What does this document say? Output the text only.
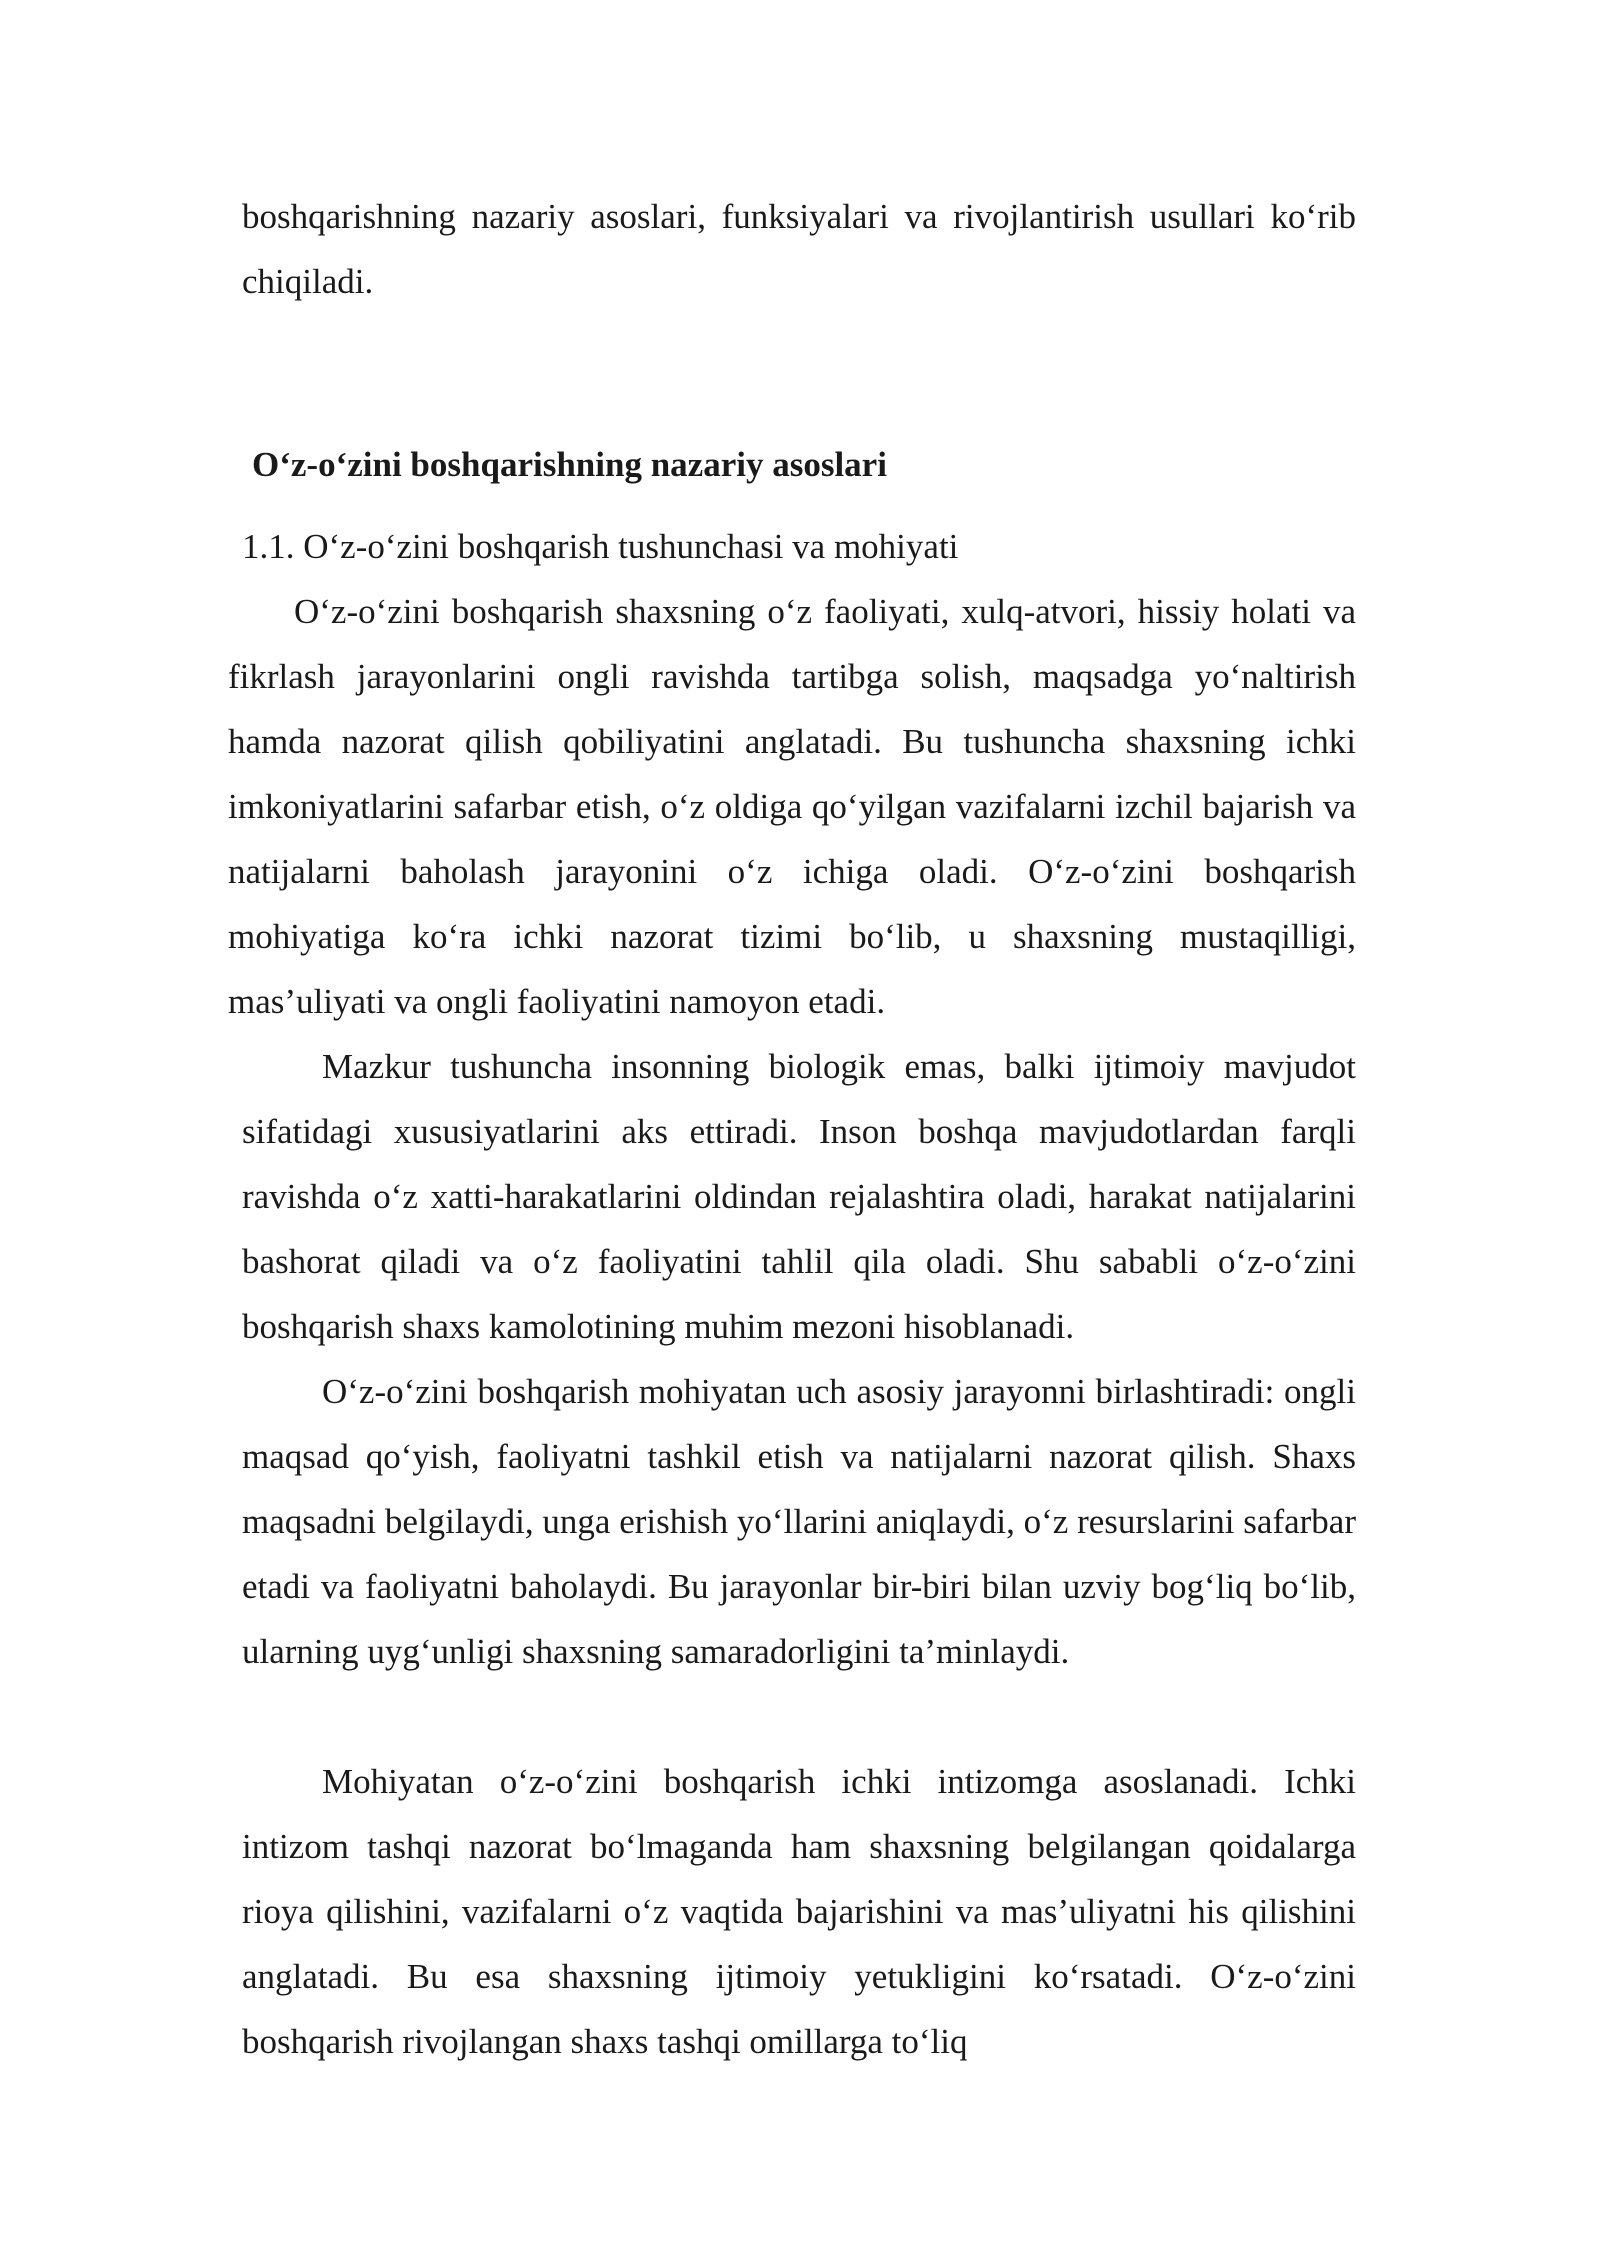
boshqarishning nazariy asoslari, funksiyalari va rivojlantirish usullari ko‘rib chiqiladi.

O‘z-o‘zini boshqarishning nazariy asoslari
1.1. O‘z-o‘zini boshqarish tushunchasi va mohiyati

O‘z-o‘zini boshqarish shaxsning o‘z faoliyati, xulq-atvori, hissiy holati va fikrlash jarayonlarini ongli ravishda tartibga solish, maqsadga yo‘naltirish hamda nazorat qilish qobiliyatini anglatadi. Bu tushuncha shaxsning ichki imkoniyatlarini safarbar etish, o‘z oldiga qo‘yilgan vazifalarni izchil bajarish va natijalarni baholash jarayonini o‘z ichiga oladi. O‘z-o‘zini boshqarish mohiyatiga ko‘ra ichki nazorat tizimi bo‘lib, u shaxsning mustaqilligi, mas’uliyati va ongli faoliyatini namoyon etadi.

Mazkur tushuncha insonning biologik emas, balki ijtimoiy mavjudot sifatidagi xususiyatlarini aks ettiradi. Inson boshqa mavjudotlardan farqli ravishda o‘z xatti-harakatlarini oldindan rejalashtira oladi, harakat natijalarini bashorat qiladi va o‘z faoliyatini tahlil qila oladi. Shu sababli o‘z-o‘zini boshqarish shaxs kamolotining muhim mezoni hisoblanadi.

O‘z-o‘zini boshqarish mohiyatan uch asosiy jarayonni birlashtiradi: ongli maqsad qo‘yish, faoliyatni tashkil etish va natijalarni nazorat qilish. Shaxs maqsadni belgilaydi, unga erishish yo‘llarini aniqlaydi, o‘z resurslarini safarbar etadi va faoliyatni baholaydi. Bu jarayonlar bir-biri bilan uzviy bog‘liq bo‘lib, ularning uyg‘unligi shaxsning samaradorligini ta’minlaydi.

Mohiyatan o‘z-o‘zini boshqarish ichki intizomga asoslanadi. Ichki intizom tashqi nazorat bo‘lmaganda ham shaxsning belgilangan qoidalarga rioya qilishini, vazifalarni o‘z vaqtida bajarishini va mas’uliyatni his qilishini anglatadi. Bu esa shaxsning ijtimoiy yetukligini ko‘rsatadi. O‘z-o‘zini boshqarish rivojlangan shaxs tashqi omillarga to‘liq
